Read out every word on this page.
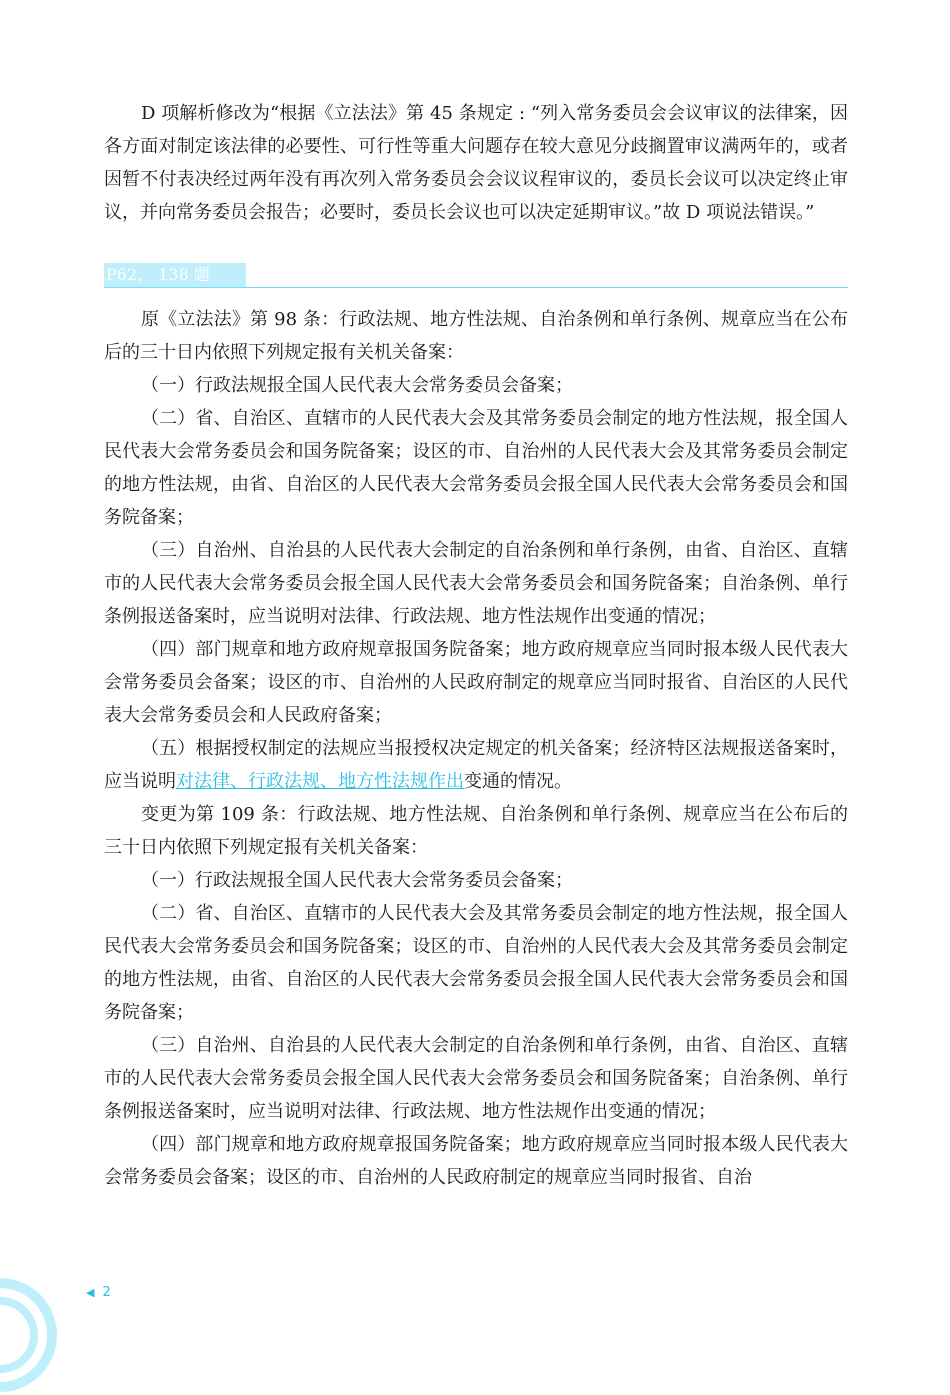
D 项解析修改为“根据《立法法》第 45 条规定 : “列入常务委员会会议审议的法律案，因各方面对制定该法律的必要性、可行性等重大问题存在较大意见分歧搁置审议满两年的，或者因暂不付表决经过两年没有再次列入常务委员会会议议程审议的，委员长会议可以决定终止审议，并向常务委员会报告；必要时，委员长会议也可以决定延期审议。”故 D 项说法错误。”

P62， 138 题

原《立法法》第 98 条：行政法规、地方性法规、自治条例和单行条例、规章应当在公布后的三十日内依照下列规定报有关机关备案：

（一）行政法规报全国人民代表大会常务委员会备案；

（二）省、自治区、直辖市的人民代表大会及其常务委员会制定的地方性法规，报全国人民代表大会常务委员会和国务院备案；设区的市、自治州的人民代表大会及其常务委员会制定的地方性法规，由省、自治区的人民代表大会常务委员会报全国人民代表大会常务委员会和国务院备案；

（三）自治州、自治县的人民代表大会制定的自治条例和单行条例，由省、自治区、直辖市的人民代表大会常务委员会报全国人民代表大会常务委员会和国务院备案；自治条例、单行条例报送备案时，应当说明对法律、行政法规、地方性法规作出变通的情况；

（四）部门规章和地方政府规章报国务院备案；地方政府规章应当同时报本级人民代表大会常务委员会备案；设区的市、自治州的人民政府制定的规章应当同时报省、自治区的人民代表大会常务委员会和人民政府备案；

（五）根据授权制定的法规应当报授权决定规定的机关备案；经济特区法规报送备案时，应当说明对法律、行政法规、地方性法规作出变通的情况。

变更为第 109 条：行政法规、地方性法规、自治条例和单行条例、规章应当在公布后的三十日内依照下列规定报有关机关备案：

（一）行政法规报全国人民代表大会常务委员会备案；

（二）省、自治区、直辖市的人民代表大会及其常务委员会制定的地方性法规，报全国人民代表大会常务委员会和国务院备案；设区的市、自治州的人民代表大会及其常务委员会制定的地方性法规，由省、自治区的人民代表大会常务委员会报全国人民代表大会常务委员会和国务院备案；

（三）自治州、自治县的人民代表大会制定的自治条例和单行条例，由省、自治区、直辖市的人民代表大会常务委员会报全国人民代表大会常务委员会和国务院备案；自治条例、单行条例报送备案时，应当说明对法律、行政法规、地方性法规作出变通的情况；

（四）部门规章和地方政府规章报国务院备案；地方政府规章应当同时报本级人民代表大会常务委员会备案；设区的市、自治州的人民政府制定的规章应当同时报省、自治

◀ 2
